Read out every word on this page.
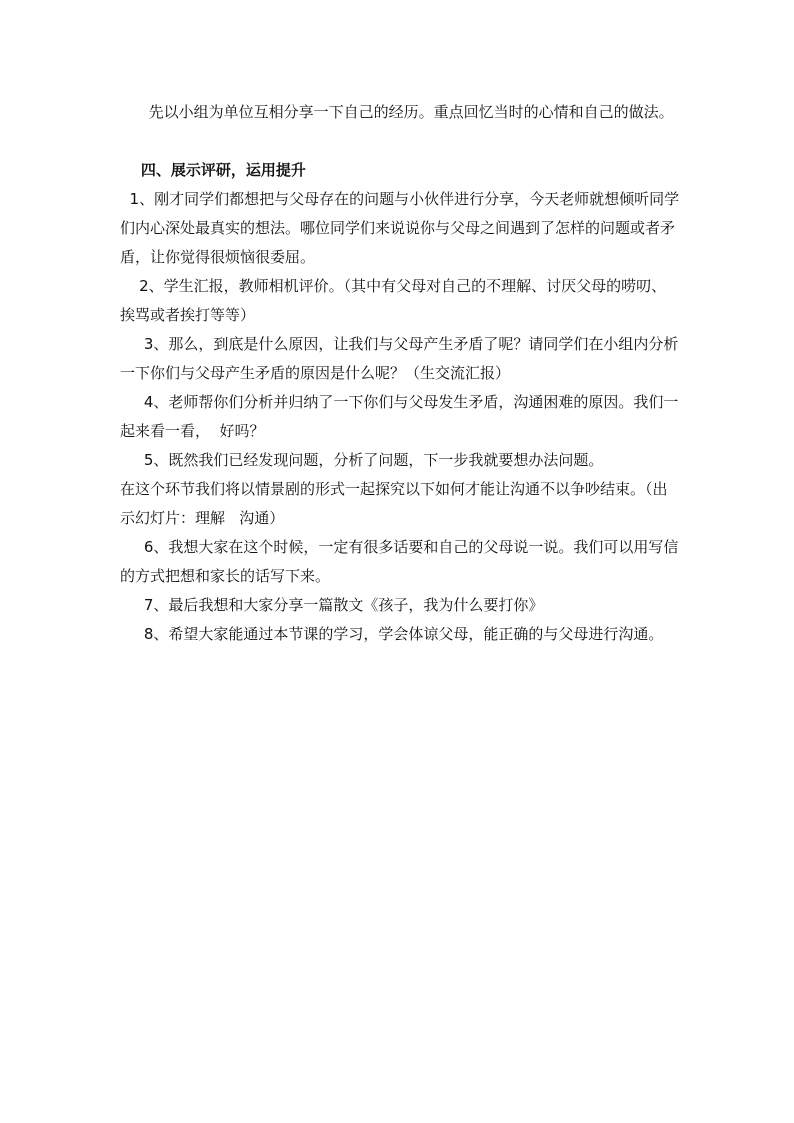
先以小组为单位互相分享一下自己的经历。重点回忆当时的心情和自己的做法。

四、展示评研，运用提升

1、刚才同学们都想把与父母存在的问题与小伙伴进行分享，今天老师就想倾听同学们内心深处最真实的想法。哪位同学们来说说你与父母之间遇到了怎样的问题或者矛盾，让你觉得很烦恼很委屈。

2、学生汇报，教师相机评价。（其中有父母对自己的不理解、讨厌父母的唠叨、挨骂或者挨打等等）

3、那么，到底是什么原因，让我们与父母产生矛盾了呢？请同学们在小组内分析一下你们与父母产生矛盾的原因是什么呢？（生交流汇报）

4、老师帮你们分析并归纳了一下你们与父母发生矛盾，沟通困难的原因。我们一起来看一看，  好吗？

5、既然我们已经发现问题，分析了问题，下一步我就要想办法问题。

在这个环节我们将以情景剧的形式一起探究以下如何才能让沟通不以争吵结束。（出示幻灯片：理解   沟通）

6、我想大家在这个时候，一定有很多话要和自己的父母说一说。我们可以用写信的方式把想和家长的话写下来。

7、最后我想和大家分享一篇散文《孩子，我为什么要打你》

8、希望大家能通过本节课的学习，学会体谅父母，能正确的与父母进行沟通。
